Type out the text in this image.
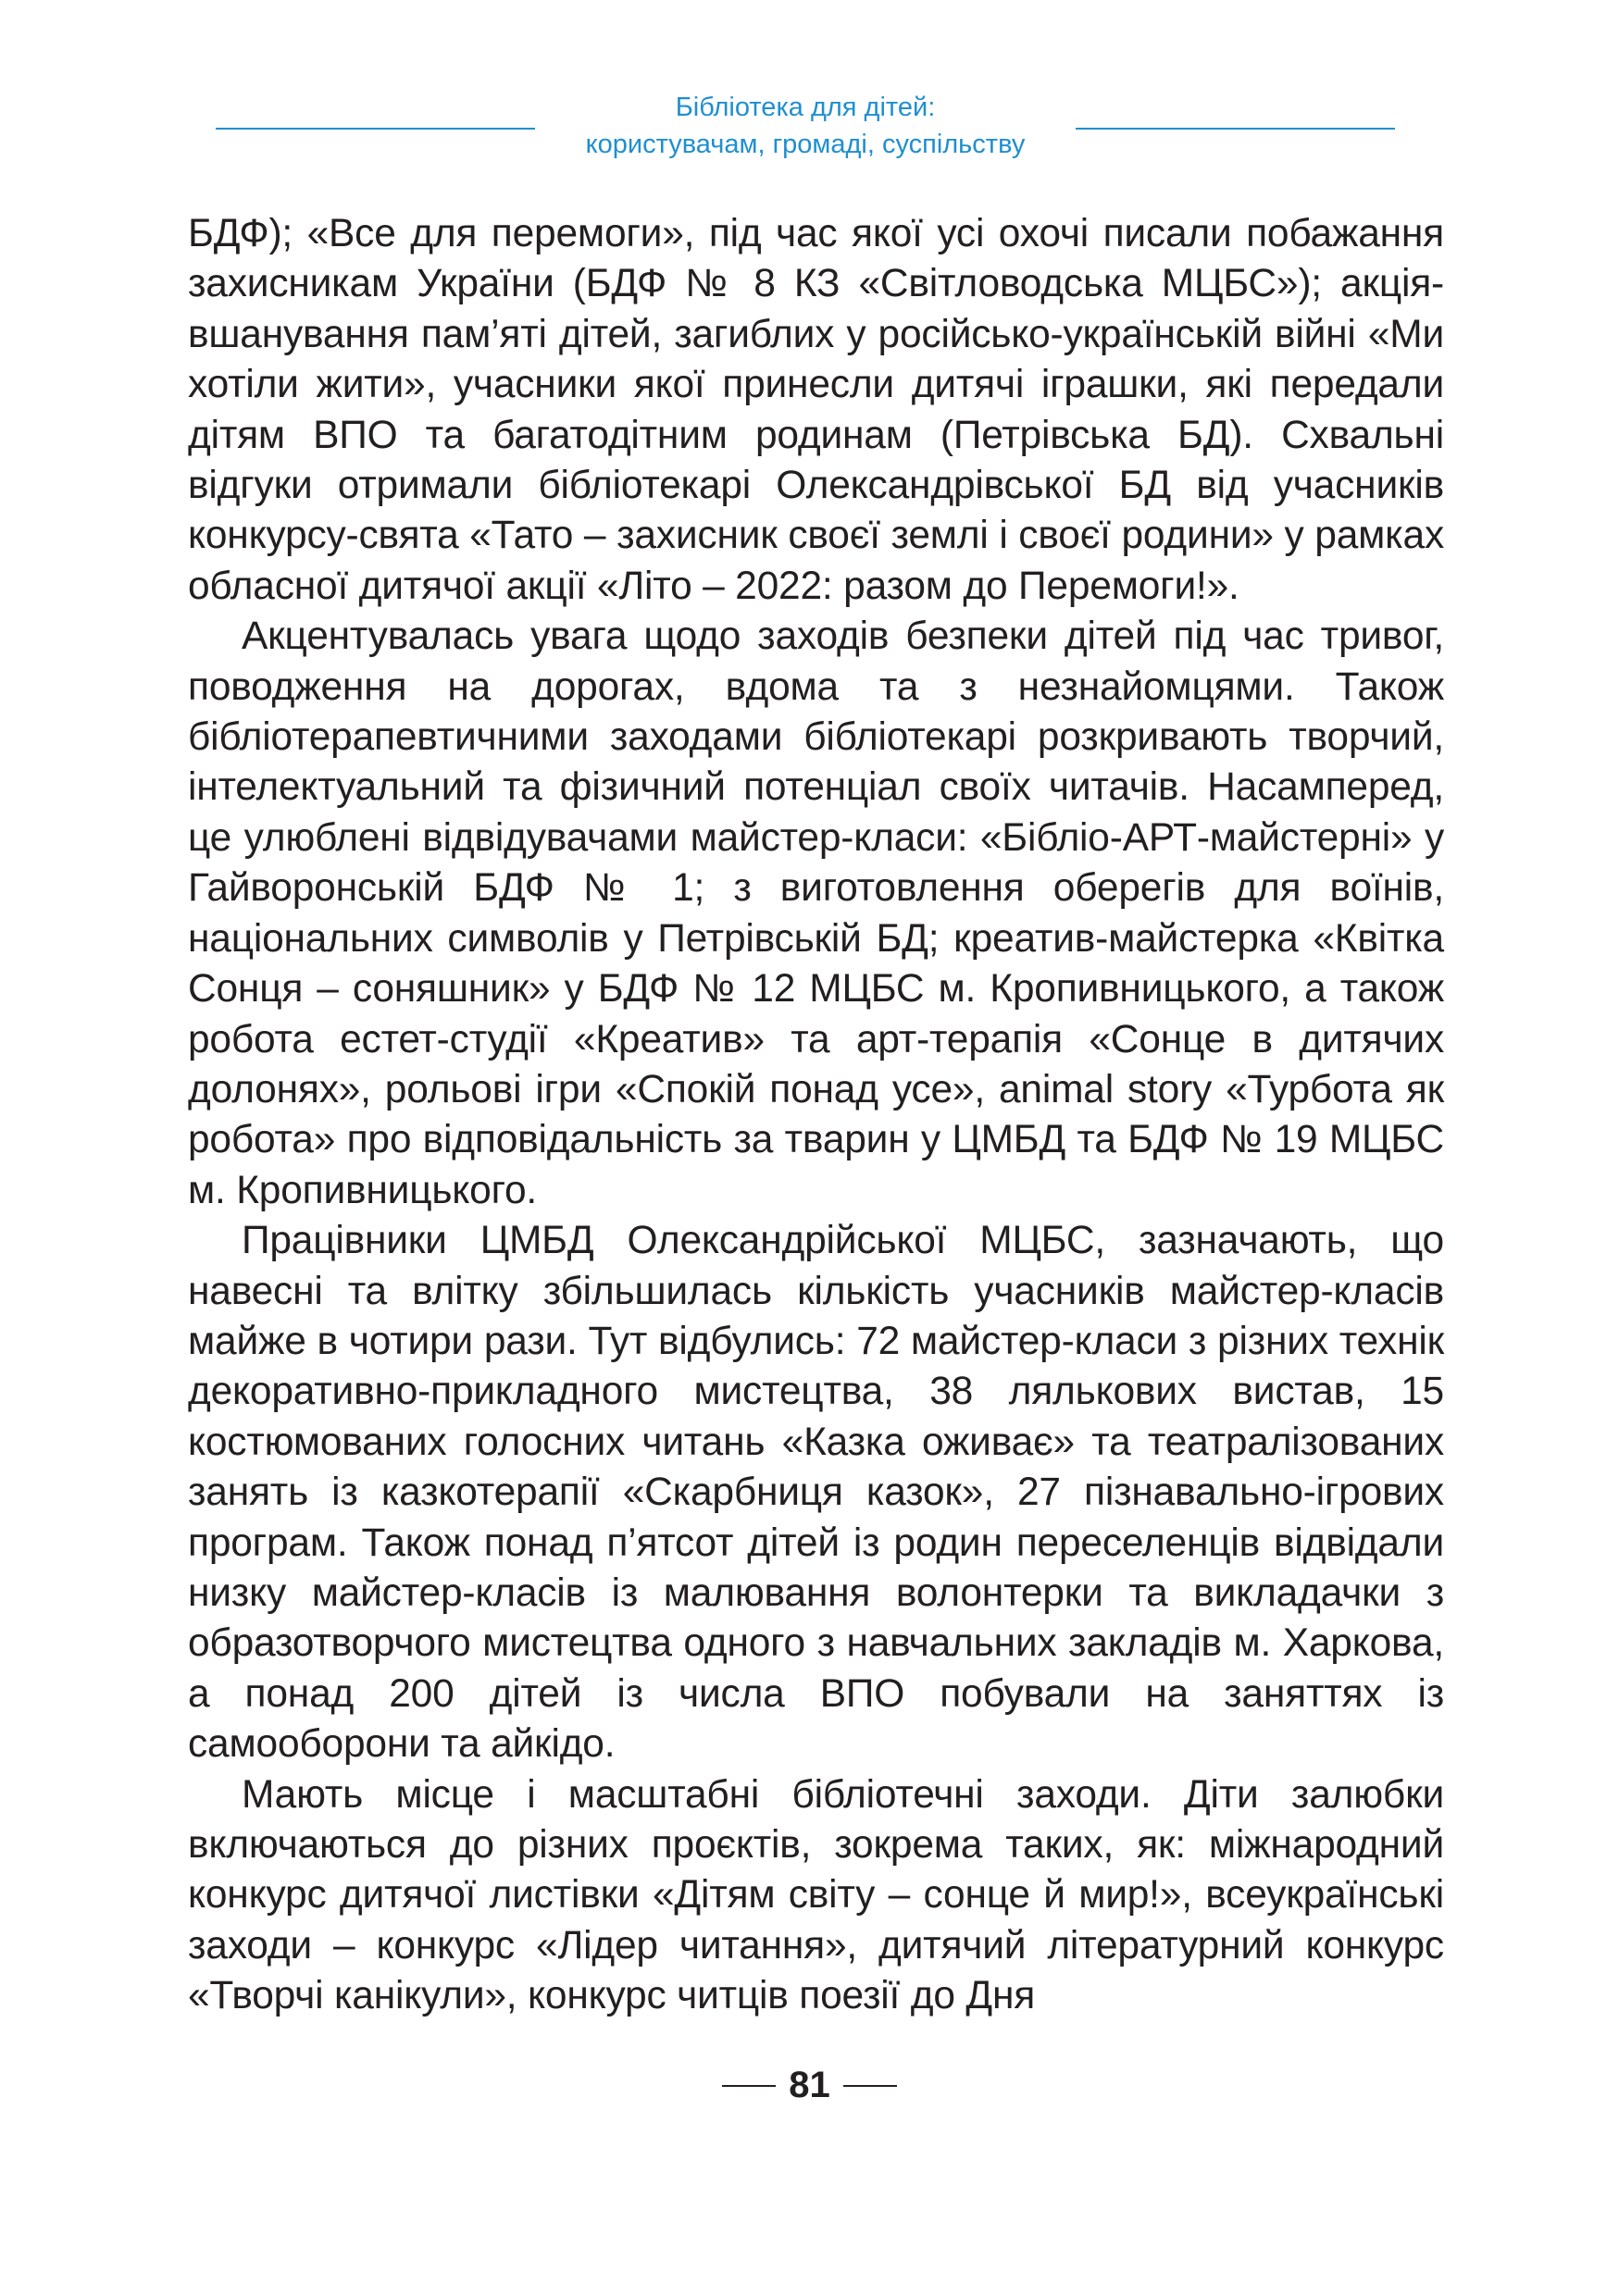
Бібліотека для дітей:
користувачам, громаді, суспільству

БДФ); «Все для перемоги», під час якої усі охочі писали побажання захисникам України (БДФ № 8 КЗ «Світловодська МЦБС»); акція-вшанування пам’яті дітей, загиблих у російсько-українській війні «Ми хотіли жити», учасники якої принесли дитячі іграшки, які передали дітям ВПО та багатодітним родинам (Петрівська БД). Схвальні відгуки отримали бібліотекарі Олександрівської БД від учасників конкурсу-свята «Тато – захисник своєї землі і своєї родини» у рамках обласної дитячої акції «Літо – 2022: разом до Перемоги!».

Акцентувалась увага щодо заходів безпеки дітей під час тривог, поводження на дорогах, вдома та з незнайомцями. Також бібліотерапевтичними заходами бібліотекарі розкривають творчий, інтелектуальний та фізичний потенціал своїх читачів. Насамперед, це улюблені відвідувачами майстер-класи: «Бібліо-АРТ-майстерні» у Гайворонській БДФ № 1; з виготовлення оберегів для воїнів, національних символів у Петрівській БД; креатив-майстерка «Квітка Сонця – соняшник» у БДФ № 12 МЦБС м. Кропивницького, а також робота естет-студії «Креатив» та арт-терапія «Сонце в дитячих долонях», рольові ігри «Спокій понад усе», animal story «Турбота як робота» про відповідальність за тварин у ЦМБД та БДФ № 19 МЦБС м. Кропивницького.

Працівники ЦМБД Олександрійської МЦБС, зазначають, що навесні та влітку збільшилась кількість учасників майстер-класів майже в чотири рази. Тут відбулись: 72 майстер-класи з різних технік декоративно-прикладного мистецтва, 38 лялькових вистав, 15 костюмованих голосних читань «Казка оживає» та театралізованих занять із казкотерапії «Скарбниця казок», 27 пізнавально-ігрових програм. Також понад п’ятсот дітей із родин переселенців відвідали низку майстер-класів із малювання волонтерки та викладачки з образотворчого мистецтва одного з навчальних закладів м. Харкова, а понад 200 дітей із числа ВПО побували на заняттях із самооборони та айкідо.

Мають місце і масштабні бібліотечні заходи. Діти залюбки включаються до різних проєктів, зокрема таких, як: міжнародний конкурс дитячої листівки «Дітям світу – сонце й мир!», всеукраїнські заходи – конкурс «Лідер читання», дитячий літературний конкурс «Творчі канікули», конкурс читців поезії до Дня

81
